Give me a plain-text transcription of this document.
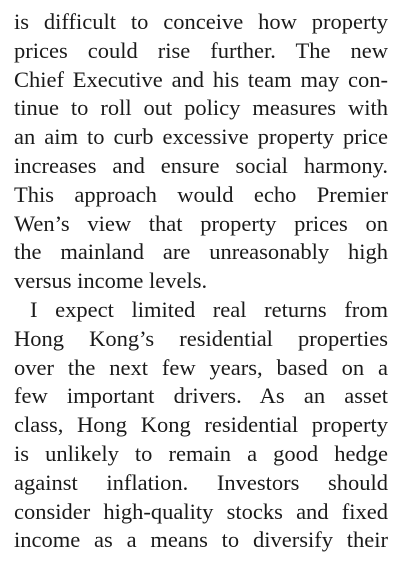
is difficult to conceive how property
prices could rise further. The new
Chief Executive and his team may con-
tinue to roll out policy measures with
an aim to curb excessive property price
increases and ensure social harmony.
This approach would echo Premier
Wen’s view that property prices on
the mainland are unreasonably high
versus income levels.
I expect limited real returns from
Hong Kong’s residential properties
over the next few years, based on a
few important drivers. As an asset
class, Hong Kong residential property
is unlikely to remain a good hedge
against inflation. Investors should
consider high-quality stocks and fixed
income as a means to diversify their
